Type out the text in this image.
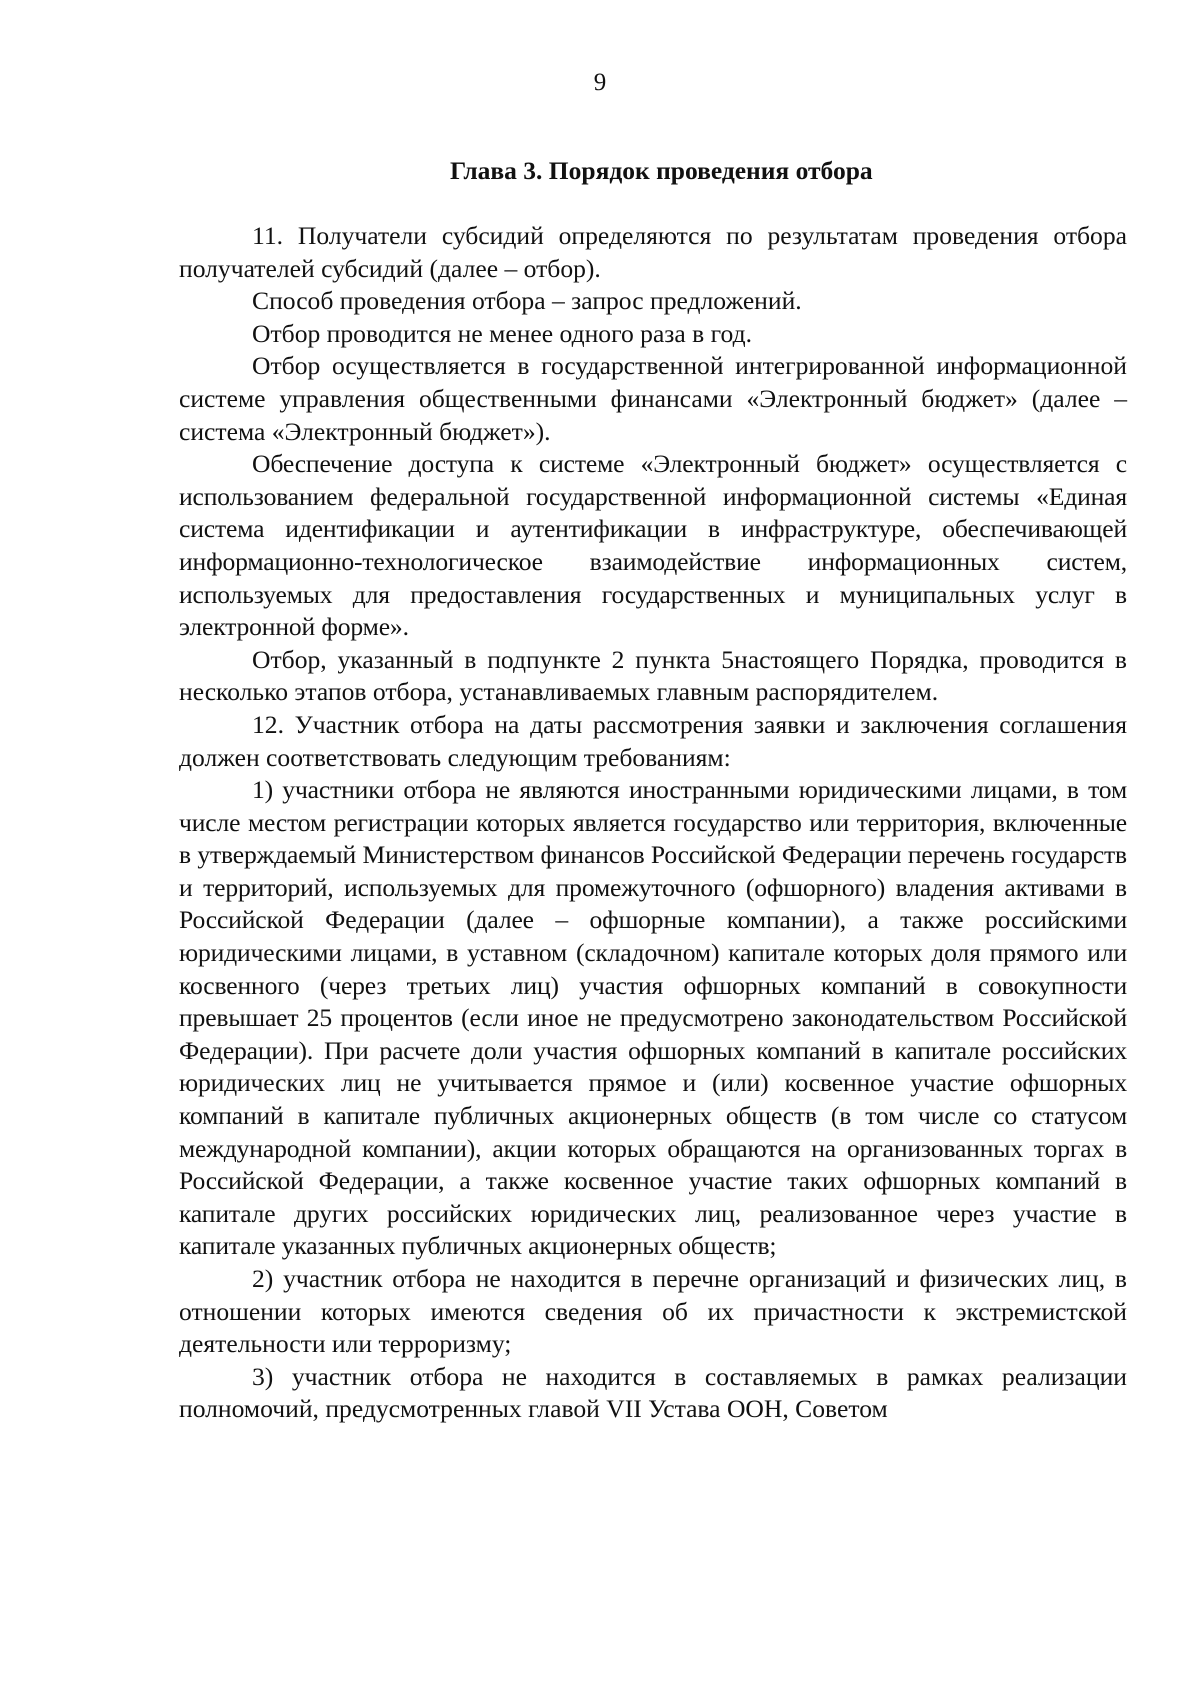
9
Глава 3. Порядок проведения отбора

11. Получатели субсидий определяются по результатам проведения отбора получателей субсидий (далее – отбор).

Способ проведения отбора – запрос предложений.

Отбор проводится не менее одного раза в год.

Отбор осуществляется в государственной интегрированной информационной системе управления общественными финансами «Электронный бюджет» (далее – система «Электронный бюджет»).

Обеспечение доступа к системе «Электронный бюджет» осуществляется с использованием федеральной государственной информационной системы «Единая система идентификации и аутентификации в инфраструктуре, обеспечивающей информационно-технологическое взаимодействие информационных систем, используемых для предоставления государственных и муниципальных услуг в электронной форме».

Отбор, указанный в подпункте 2 пункта 5настоящего Порядка, проводится в несколько этапов отбора, устанавливаемых главным распорядителем.

12. Участник отбора на даты рассмотрения заявки и заключения соглашения должен соответствовать следующим требованиям:

1) участники отбора не являются иностранными юридическими лицами, в том числе местом регистрации которых является государство или территория, включенные в утверждаемый Министерством финансов Российской Федерации перечень государств и территорий, используемых для промежуточного (офшорного) владения активами в Российской Федерации (далее – офшорные компании), а также российскими юридическими лицами, в уставном (складочном) капитале которых доля прямого или косвенного (через третьих лиц) участия офшорных компаний в совокупности превышает 25 процентов (если иное не предусмотрено законодательством Российской Федерации). При расчете доли участия офшорных компаний в капитале российских юридических лиц не учитывается прямое и (или) косвенное участие офшорных компаний в капитале публичных акционерных обществ (в том числе со статусом международной компании), акции которых обращаются на организованных торгах в Российской Федерации, а также косвенное участие таких офшорных компаний в капитале других российских юридических лиц, реализованное через участие в капитале указанных публичных акционерных обществ;

2) участник отбора не находится в перечне организаций и физических лиц, в отношении которых имеются сведения об их причастности к экстремистской деятельности или терроризму;

3) участник отбора не находится в составляемых в рамках реализации полномочий, предусмотренных главой VII Устава ООН, Советом
